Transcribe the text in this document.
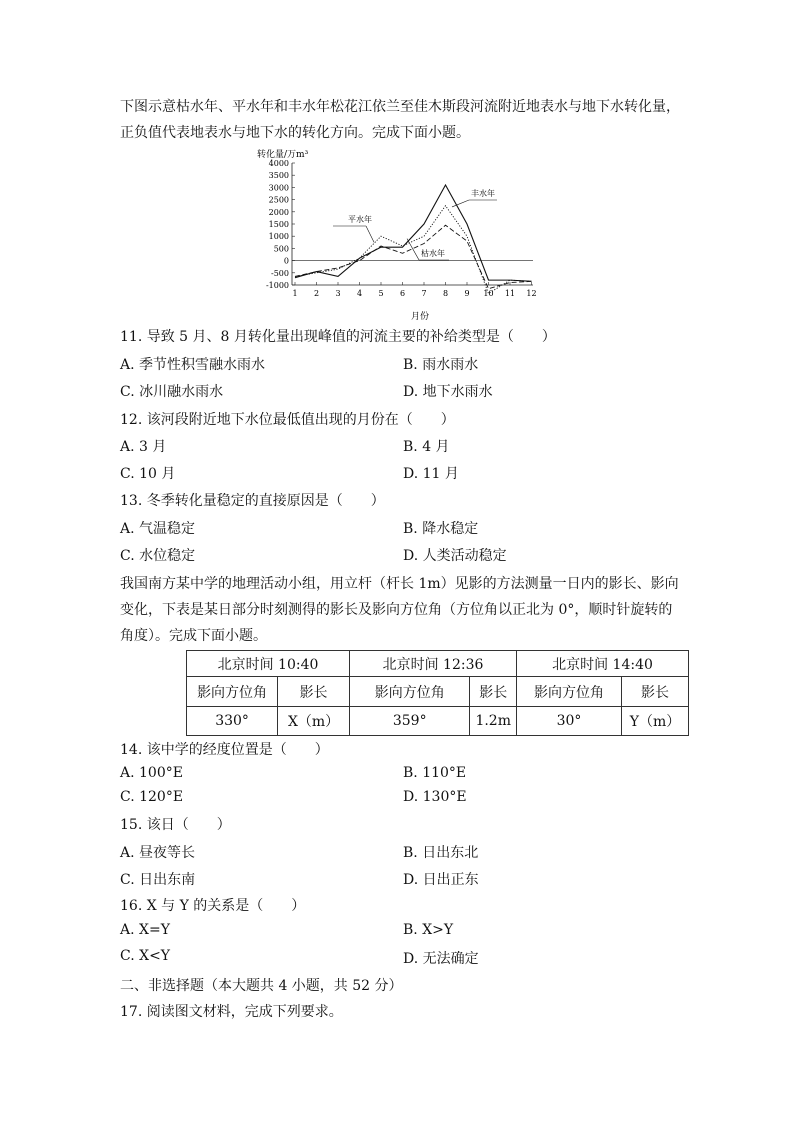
下图示意枯水年、平水年和丰水年松花江依兰至佳木斯段河流附近地表水与地下水转化量，
正负值代表地表水与地下水的转化方向。完成下面小题。
转化量/万m³
-1000
-500
0
500
1000
1500
2000
2500
3000
3500
4000
1 2 3 4 5 6 7 8 9 10 11 12
丰水年
平水年
枯水年
月份
11. 导致 5 月、8 月转化量出现峰值的河流主要的补给类型是（　　）
A. 季节性积雪融水雨水	B. 雨水雨水
C. 冰川融水雨水	D. 地下水雨水
12. 该河段附近地下水位最低值出现的月份在（　　）
A. 3 月	B. 4 月
C. 10 月	D. 11 月
13. 冬季转化量稳定的直接原因是（　　）
A. 气温稳定	B. 降水稳定
C. 水位稳定	D. 人类活动稳定
我国南方某中学的地理活动小组，用立杆（杆长 1m）见影的方法测量一日内的影长、影向
变化，下表是某日部分时刻测得的影长及影向方位角（方位角以正北为 0°，顺时针旋转的
角度）。完成下面小题。
北京时间 10:40		北京时间 12:36		北京时间 14:40	
影向方位角	影长	影向方位角	影长	影向方位角	影长
330°	X（m）	359°	1.2m	30°	Y（m）
14. 该中学的经度位置是（　　）
A. 100°E	B. 110°E
C. 120°E	D. 130°E
15. 该日（　　）
A. 昼夜等长	B. 日出东北
C. 日出东南	D. 日出正东
16. X 与 Y 的关系是（　　）
A. X=Y	B. X>Y
C. X<Y	D. 无法确定
二、非选择题（本大题共 4 小题，共 52 分）
17. 阅读图文材料，完成下列要求。
